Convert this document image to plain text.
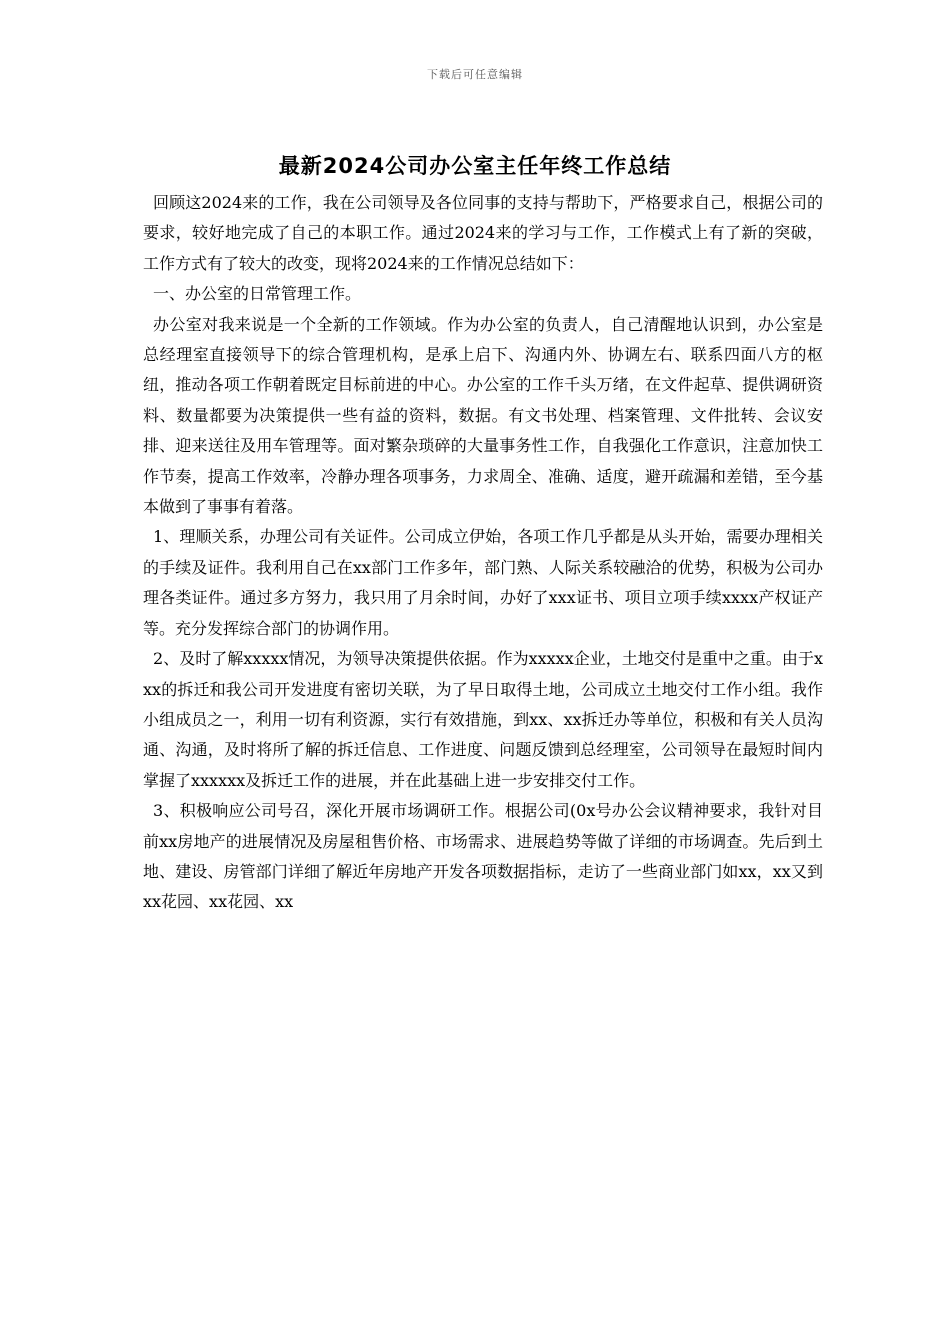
下载后可任意编辑
最新2024公司办公室主任年终工作总结

回顾这2024来的工作，我在公司领导及各位同事的支持与帮助下，严格要求自己，根据公司的要求，较好地完成了自己的本职工作。通过2024来的学习与工作，工作模式上有了新的突破，工作方式有了较大的改变，现将2024来的工作情况总结如下：

一、办公室的日常管理工作。

办公室对我来说是一个全新的工作领域。作为办公室的负责人，自己清醒地认识到，办公室是总经理室直接领导下的综合管理机构，是承上启下、沟通内外、协调左右、联系四面八方的枢纽，推动各项工作朝着既定目标前进的中心。办公室的工作千头万绪，在文件起草、提供调研资料、数量都要为决策提供一些有益的资料，数据。有文书处理、档案管理、文件批转、会议安排、迎来送往及用车管理等。面对繁杂琐碎的大量事务性工作，自我强化工作意识，注意加快工作节奏，提高工作效率，冷静办理各项事务，力求周全、准确、适度，避开疏漏和差错，至今基本做到了事事有着落。

1、理顺关系，办理公司有关证件。公司成立伊始，各项工作几乎都是从头开始，需要办理相关的手续及证件。我利用自己在xx部门工作多年，部门熟、人际关系较融洽的优势，积极为公司办理各类证件。通过多方努力，我只用了月余时间，办好了xxx证书、项目立项手续xxxx产权证产等。充分发挥综合部门的协调作用。

2、及时了解xxxxx情况，为领导决策提供依据。作为xxxxx企业，土地交付是重中之重。由于xxx的拆迁和我公司开发进度有密切关联，为了早日取得土地，公司成立土地交付工作小组。我作小组成员之一，利用一切有利资源，实行有效措施，到xx、xx拆迁办等单位，积极和有关人员沟通、沟通，及时将所了解的拆迁信息、工作进度、问题反馈到总经理室，公司领导在最短时间内掌握了xxxxxx及拆迁工作的进展，并在此基础上进一步安排交付工作。

3、积极响应公司号召，深化开展市场调研工作。根据公司(0x号办公会议精神要求，我针对目前xx房地产的进展情况及房屋租售价格、市场需求、进展趋势等做了详细的市场调查。先后到土地、建设、房管部门详细了解近年房地产开发各项数据指标，走访了一些商业部门如xx，xx又到xx花园、xx花园、xx
